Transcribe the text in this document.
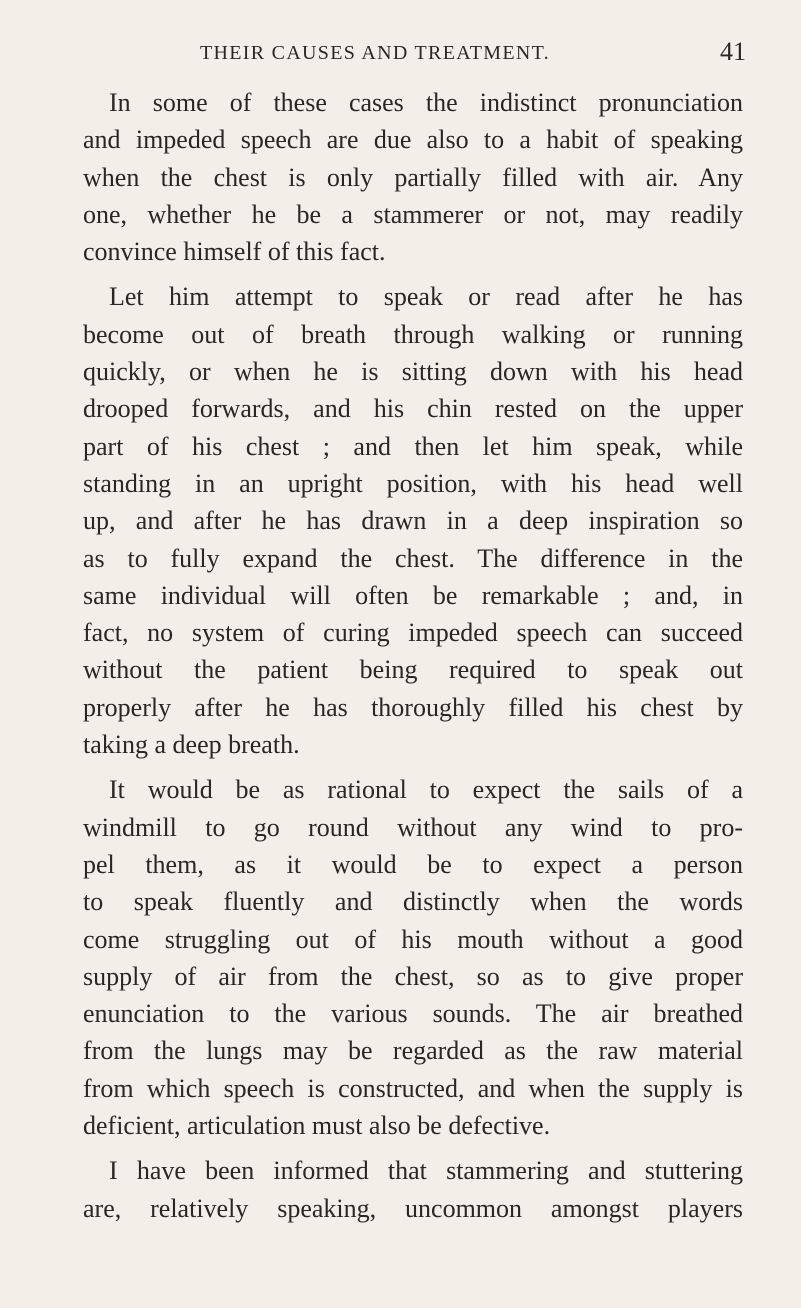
THEIR CAUSES AND TREATMENT.	41
In some of these cases the indistinct pronunciation
and impeded speech are due also to a habit of speaking
when the chest is only partially filled with air. Any
one, whether he be a stammerer or not, may readily
convince himself of this fact.
Let him attempt to speak or read after he has
become out of breath through walking or running
quickly, or when he is sitting down with his head
drooped forwards, and his chin rested on the upper
part of his chest ; and then let him speak, while
standing in an upright position, with his head well
up, and after he has drawn in a deep inspiration so
as to fully expand the chest. The difference in the
same individual will often be remarkable ; and, in
fact, no system of curing impeded speech can succeed
without the patient being required to speak out
properly after he has thoroughly filled his chest by
taking a deep breath.
It would be as rational to expect the sails of a
windmill to go round without any wind to pro-
pel them, as it would be to expect a person
to speak fluently and distinctly when the words
come struggling out of his mouth without a good
supply of air from the chest, so as to give proper
enunciation to the various sounds. The air breathed
from the lungs may be regarded as the raw material
from which speech is constructed, and when the supply is
deficient, articulation must also be defective.
I have been informed that stammering and stuttering
are, relatively speaking, uncommon amongst players
